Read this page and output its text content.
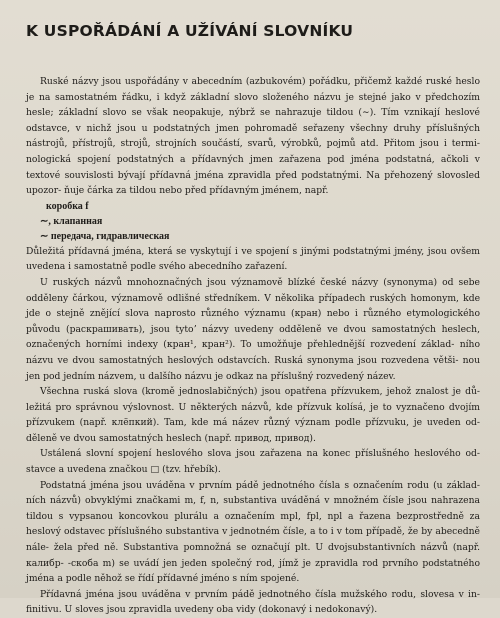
K USPOŘÁDÁNÍ A UŽÍVÁNÍ SLOVNÍKU

Ruské názvy jsou uspořádány v abecedním (azbukovém) pořádku, přičemž každé ruské heslo je na samostatném řádku, i když základní slovo složeného názvu je stejné jako v předchozím hesle; základní slovo se však neopakuje, nýbrž se nahrazuje tildou (∼). Tím vznikají heslové odstavce, v nichž jsou u podstatných jmen pohromadě seřazeny všechny druhy příslušných nástrojů, přístrojů, strojů, strojních součástí, svarů, výrobků, pojmů atd. Přitom jsou i termi- nologická spojení podstatných a přídavných jmen zařazena pod jména podstatná, ačkoli v textové souvislosti bývají přídavná jména zpravidla před podstatnými. Na přehozený slovosled upozor- ňuje čárka za tildou nebo před přídavným jménem, např.

коробка f
∼, клапанная
∼ передача, гидравлическая

Důležitá přídavná jména, která se vyskytují i ve spojení s jinými podstatnými jmény, jsou ovšem uvedena i samostatně podle svého abecedního zařazení.

U ruských názvů mnohoznačných jsou významově blízké české názvy (synonyma) od sebe odděleny čárkou, významově odlišné středníkem. V několika případech ruských homonym, kde jde o stejně znějící slova naprosto různého významu (кран) nebo i různého etymologického původu (раскрашивать), jsou tytoʼ názvy uvedeny odděleně ve dvou samostatných heslech, označených horními indexy (кран¹, кран²). To umožňuje přehlednější rozvedení základ- ního názvu ve dvou samostatných heslových odstavcích. Ruská synonyma jsou rozvedena větši- nou jen pod jedním názvem, u dalšího názvu je odkaz na příslušný rozvedený název.

Všechna ruská slova (kromě jednoslabičných) jsou opatřena přízvukem, jehož znalost je dů- ležitá pro správnou výslovnost. U některých názvů, kde přízvuk kolísá, je to vyznačeno dvojím přízvukem (např. клёпкий). Tam, kde má název různý význam podle přízvuku, je uveden od- děleně ve dvou samostatných heslech (např. привод, привод).

Ustálená slovní spojení heslového slova jsou zařazena na konec příslušného heslového od- stavce a uvedena značkou □ (tzv. hřebík).

Podstatná jména jsou uváděna v prvním pádě jednotného čísla s označením rodu (u základ- ních názvů) obvyklými značkami m, f, n, substantiva uváděná v množném čísle jsou nahrazena tildou s vypsanou koncovkou plurálu a označením mpl, fpl, npl a řazena bezprostředně za heslový odstavec příslušného substantiva v jednotném čísle, a to i v tom případě, že by abecedně nále- žela před ně. Substantiva pomnožná se označují plt. U dvojsubstantivních názvů (např. калибр- -скоба m) se uvádí jen jeden společný rod, jímž je zpravidla rod prvního podstatného jména a podle něhož se řídí přídavné jméno s ním spojené.

Přídavná jména jsou uváděna v prvním pádě jednotného čísla mužského rodu, slovesa v in- finitivu. U sloves jsou zpravidla uvedeny oba vidy (dokonavý i nedokonavý).
